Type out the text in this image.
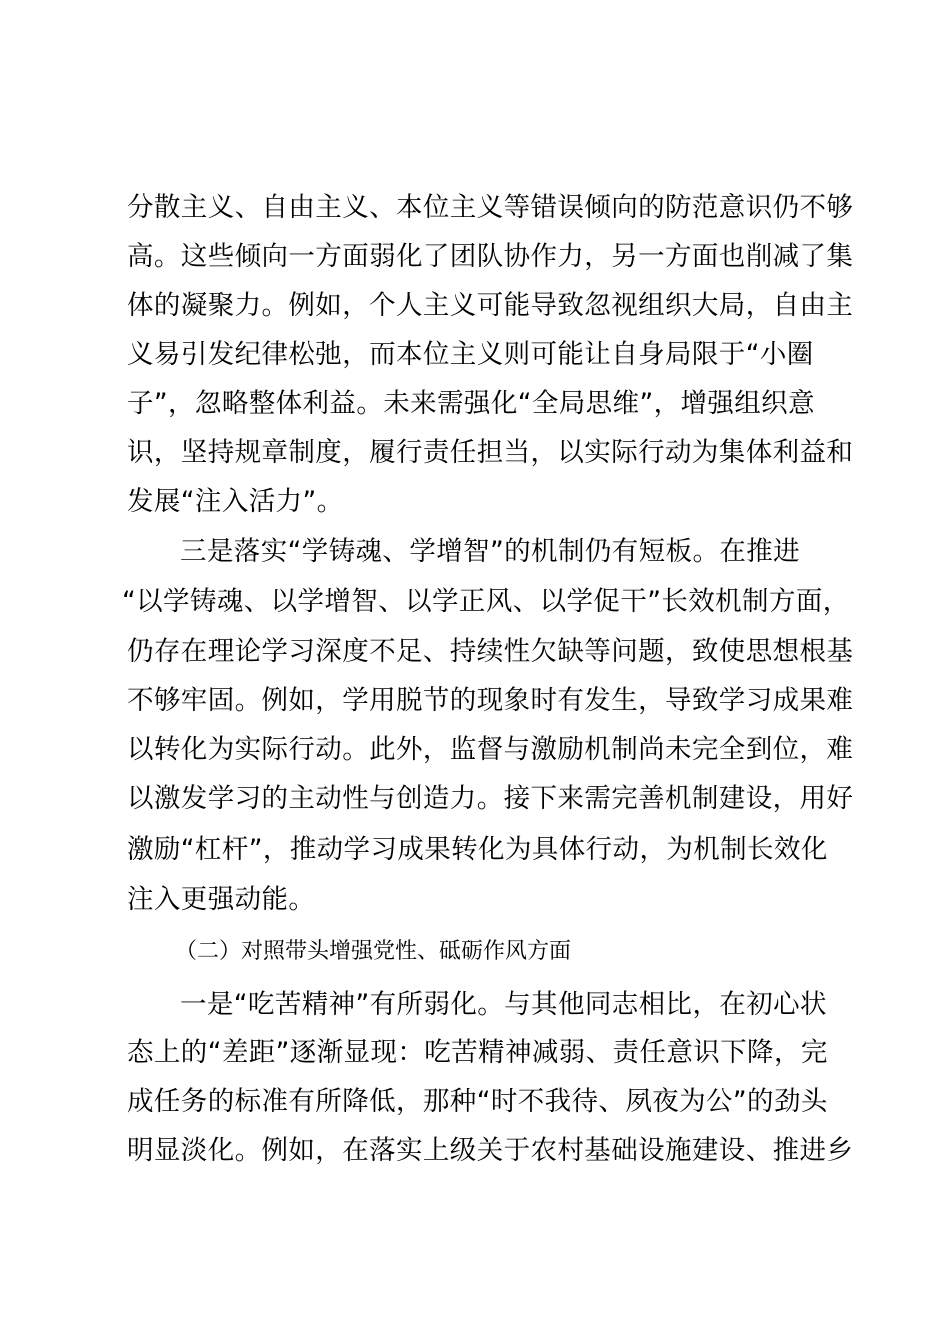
分散主义、自由主义、本位主义等错误倾向的防范意识仍不够
高。这些倾向一方面弱化了团队协作力，另一方面也削减了集
体的凝聚力。例如，个人主义可能导致忽视组织大局，自由主
义易引发纪律松弛，而本位主义则可能让自身局限于“小圈
子”，忽略整体利益。未来需强化“全局思维”，增强组织意
识，坚持规章制度，履行责任担当，以实际行动为集体利益和
发展“注入活力”。
三是落实“学铸魂、学增智”的机制仍有短板。在推进
“以学铸魂、以学增智、以学正风、以学促干”长效机制方面，
仍存在理论学习深度不足、持续性欠缺等问题，致使思想根基
不够牢固。例如，学用脱节的现象时有发生，导致学习成果难
以转化为实际行动。此外，监督与激励机制尚未完全到位，难
以激发学习的主动性与创造力。接下来需完善机制建设，用好
激励“杠杆”，推动学习成果转化为具体行动，为机制长效化
注入更强动能。
（二）对照带头增强党性、砥砺作风方面
一是“吃苦精神”有所弱化。与其他同志相比，在初心状
态上的“差距”逐渐显现：吃苦精神减弱、责任意识下降，完
成任务的标准有所降低，那种“时不我待、夙夜为公”的劲头
明显淡化。例如，在落实上级关于农村基础设施建设、推进乡
